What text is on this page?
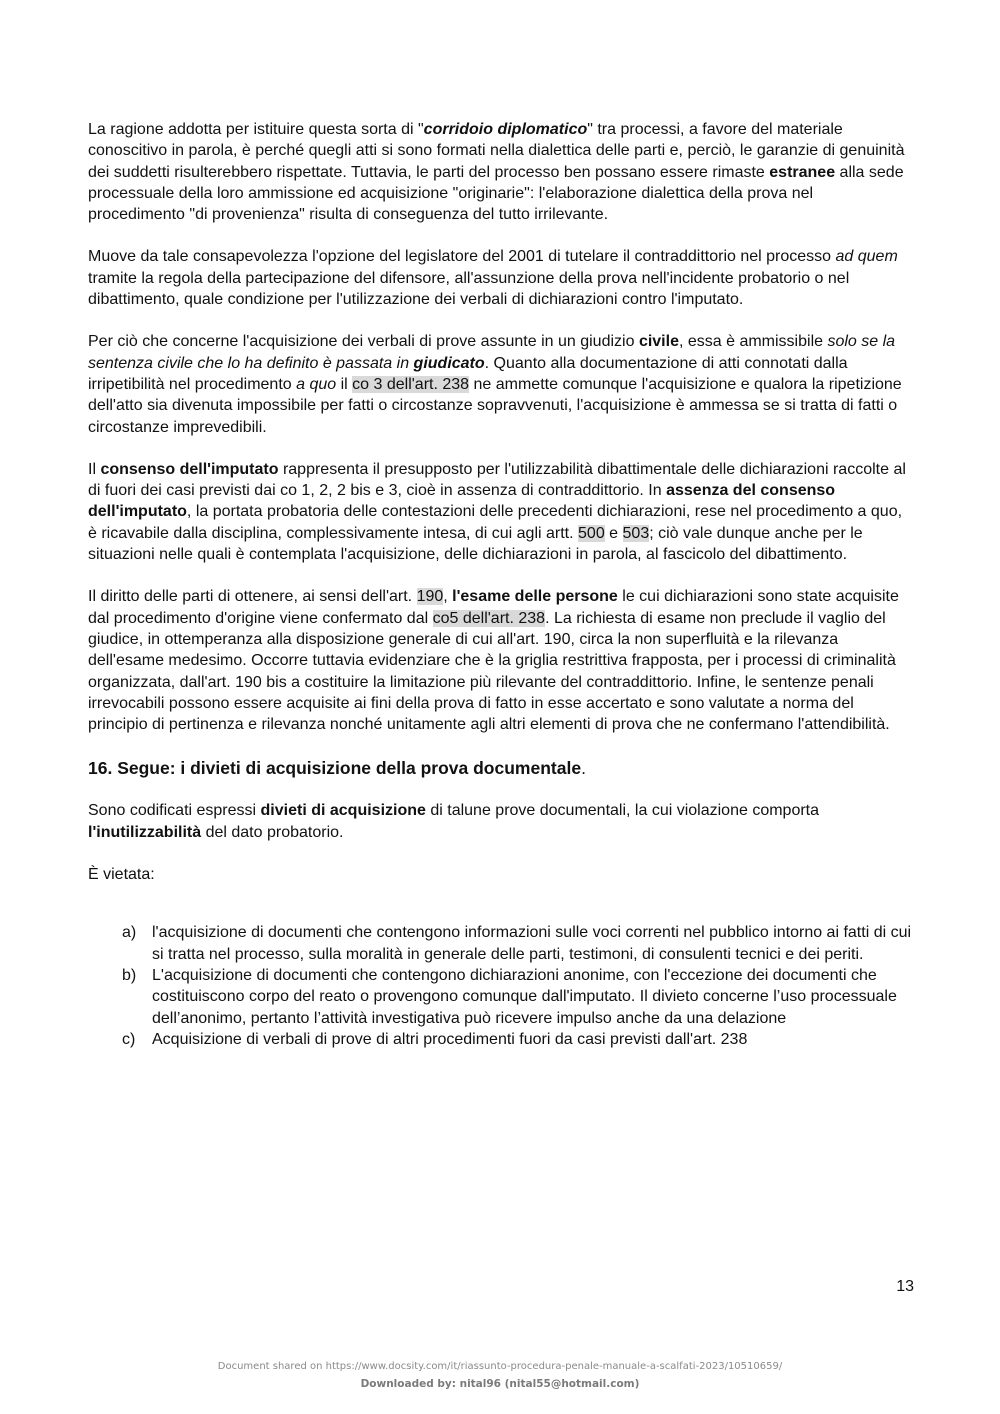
La ragione addotta per istituire questa sorta di "corridoio diplomatico" tra processi, a favore del materiale conoscitivo in parola, è perché quegli atti si sono formati nella dialettica delle parti e, perciò, le garanzie di genuinità dei suddetti risulterebbero rispettate. Tuttavia, le parti del processo ben possano essere rimaste estranee alla sede processuale della loro ammissione ed acquisizione "originarie": l'elaborazione dialettica della prova nel procedimento "di provenienza" risulta di conseguenza del tutto irrilevante.

Muove da tale consapevolezza l'opzione del legislatore del 2001 di tutelare il contraddittorio nel processo ad quem tramite la regola della partecipazione del difensore, all'assunzione della prova nell'incidente probatorio o nel dibattimento, quale condizione per l'utilizzazione dei verbali di dichiarazioni contro l'imputato.

Per ciò che concerne l'acquisizione dei verbali di prove assunte in un giudizio civile, essa è ammissibile solo se la sentenza civile che lo ha definito è passata in giudicato. Quanto alla documentazione di atti connotati dalla irripetibilità nel procedimento a quo il co 3 dell'art. 238 ne ammette comunque l'acquisizione e qualora la ripetizione dell'atto sia divenuta impossibile per fatti o circostanze sopravvenuti, l'acquisizione è ammessa se si tratta di fatti o circostanze imprevedibili.

Il consenso dell'imputato rappresenta il presupposto per l'utilizzabilità dibattimentale delle dichiarazioni raccolte al di fuori dei casi previsti dai co 1, 2, 2 bis e 3, cioè in assenza di contraddittorio. In assenza del consenso dell'imputato, la portata probatoria delle contestazioni delle precedenti dichiarazioni, rese nel procedimento a quo, è ricavabile dalla disciplina, complessivamente intesa, di cui agli artt. 500 e 503; ciò vale dunque anche per le situazioni nelle quali è contemplata l'acquisizione, delle dichiarazioni in parola, al fascicolo del dibattimento.

Il diritto delle parti di ottenere, ai sensi dell'art. 190, l'esame delle persone le cui dichiarazioni sono state acquisite dal procedimento d'origine viene confermato dal co5 dell'art. 238. La richiesta di esame non preclude il vaglio del giudice, in ottemperanza alla disposizione generale di cui all'art. 190, circa la non superfluità e la rilevanza dell'esame medesimo. Occorre tuttavia evidenziare che è la griglia restrittiva frapposta, per i processi di criminalità organizzata, dall'art. 190 bis a costituire la limitazione più rilevante del contraddittorio. Infine, le sentenze penali irrevocabili possono essere acquisite ai fini della prova di fatto in esse accertato e sono valutate a norma del principio di pertinenza e rilevanza nonché unitamente agli altri elementi di prova che ne confermano l'attendibilità.

16. Segue: i divieti di acquisizione della prova documentale.

Sono codificati espressi divieti di acquisizione di talune prove documentali, la cui violazione comporta l'inutilizzabilità del dato probatorio.

È vietata:

a) l'acquisizione di documenti che contengono informazioni sulle voci correnti nel pubblico intorno ai fatti di cui si tratta nel processo, sulla moralità in generale delle parti, testimoni, di consulenti tecnici e dei periti.
b) L'acquisizione di documenti che contengono dichiarazioni anonime, con l'eccezione dei documenti che costituiscono corpo del reato o provengono comunque dall'imputato. Il divieto concerne l’uso processuale dell’anonimo, pertanto l’attività investigativa può ricevere impulso anche da una delazione
c) Acquisizione di verbali di prove di altri procedimenti fuori da casi previsti dall'art. 238
13
Document shared on https://www.docsity.com/it/riassunto-procedura-penale-manuale-a-scalfati-2023/10510659/
Downloaded by: nital96 (nital55@hotmail.com)
